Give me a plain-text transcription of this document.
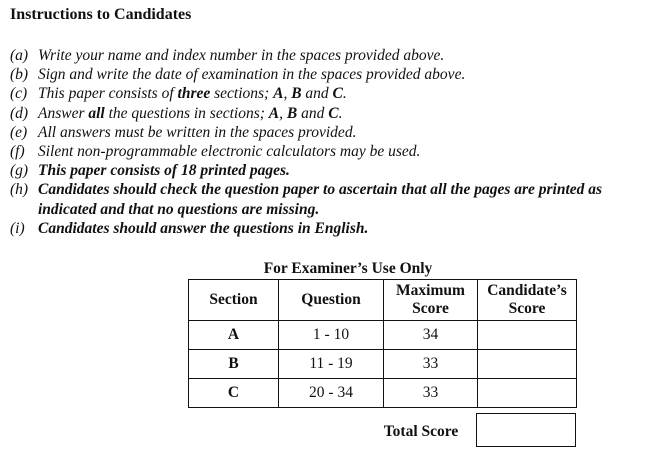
Instructions to Candidates
(a) Write your name and index number in the spaces provided above.
(b) Sign and write the date of examination in the spaces provided above.
(c) This paper consists of three sections; A, B and C.
(d) Answer all the questions in sections; A, B and C.
(e) All answers must be written in the spaces provided.
(f) Silent non-programmable electronic calculators may be used.
(g) This paper consists of 18 printed pages.
(h) Candidates should check the question paper to ascertain that all the pages are printed as indicated and that no questions are missing.
(i) Candidates should answer the questions in English.
For Examiner’s Use Only
Section	Question	Maximum Score	Candidate’s Score
A	1 - 10	34	
B	11 - 19	33	
C	20 - 34	33	
Total Score
